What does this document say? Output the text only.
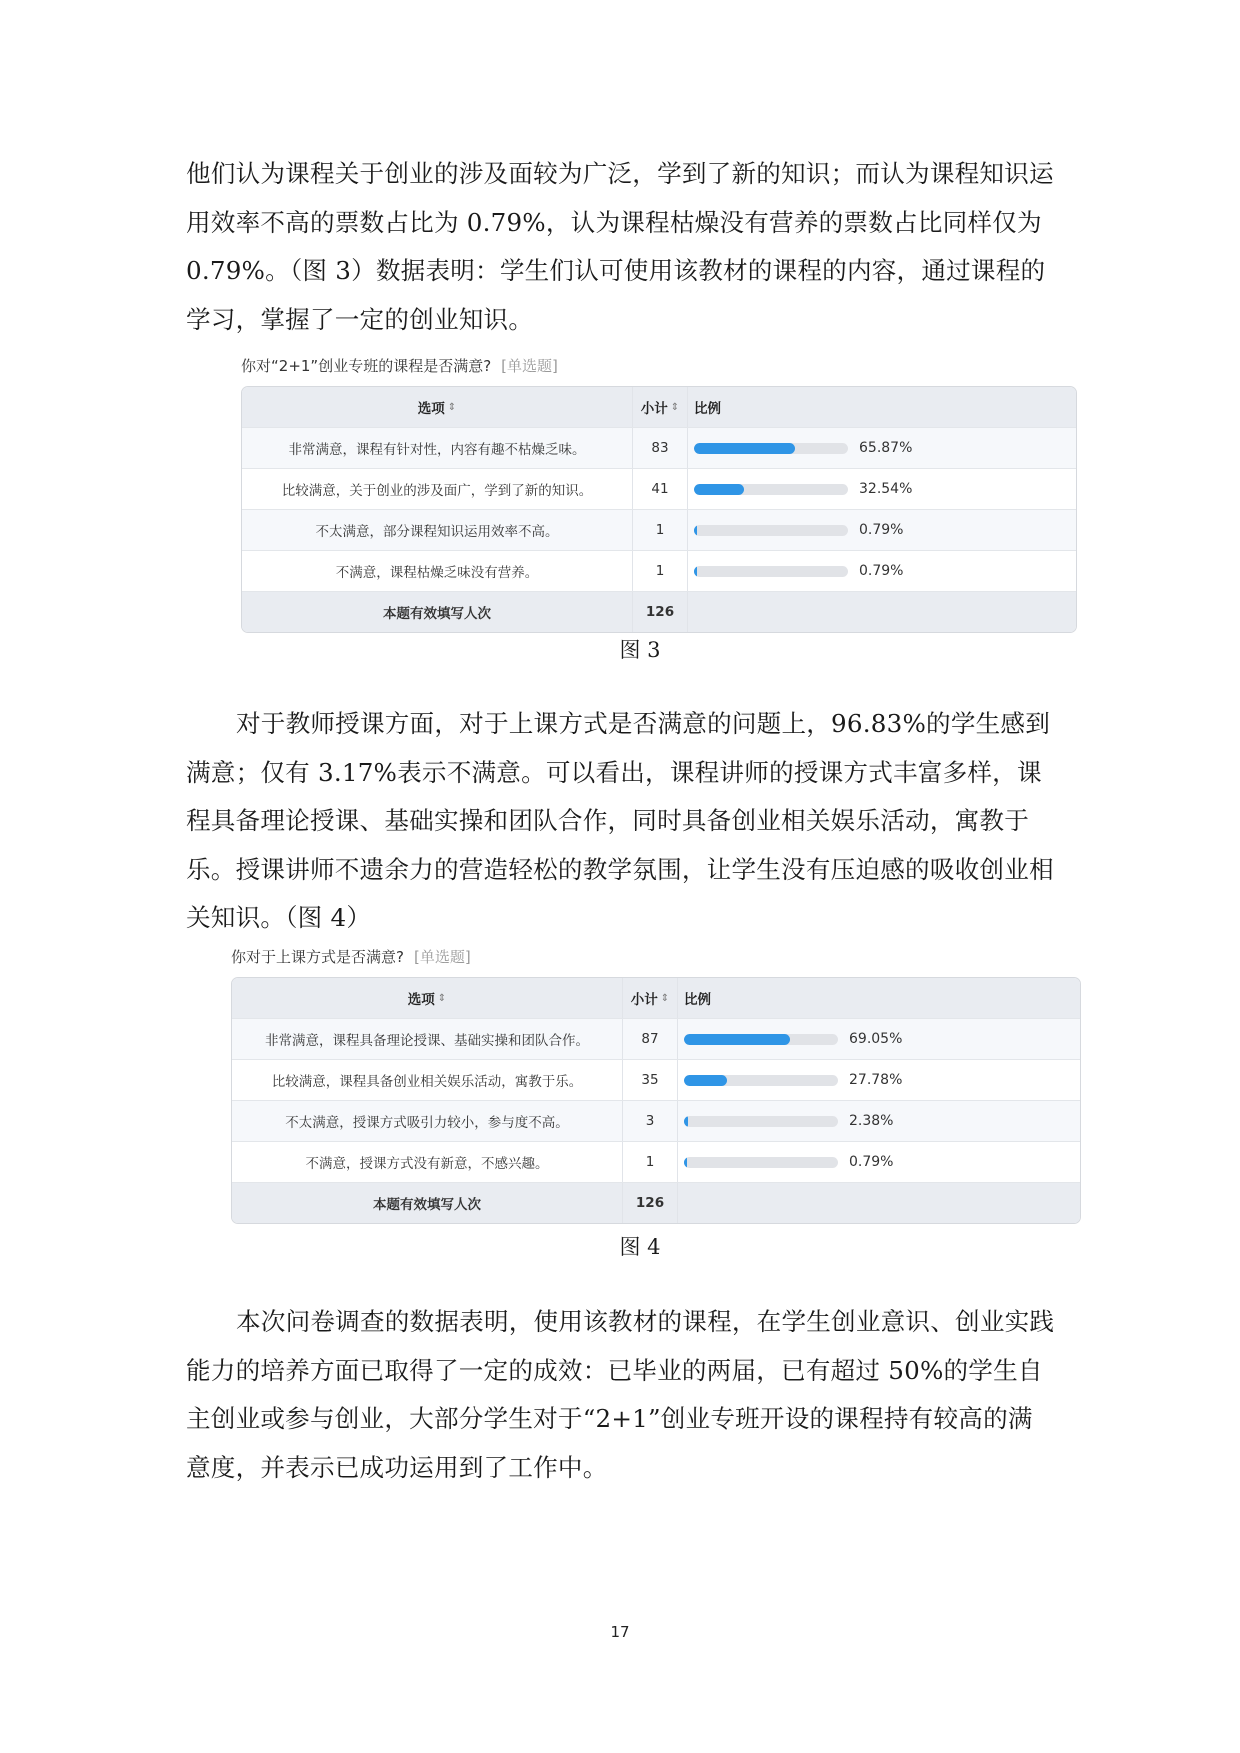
他们认为课程关于创业的涉及面较为广泛，学到了新的知识；而认为课程知识运用效率不高的票数占比为 0.79%，认为课程枯燥没有营养的票数占比同样仅为0.79%。（图 3）数据表明：学生们认可使用该教材的课程的内容，通过课程的学习，掌握了一定的创业知识。

你对“2+1”创业专班的课程是否满意? [单选题]
选项 ⇕	小计 ⇕	比例
非常满意，课程有针对性，内容有趣不枯燥乏味。	83	65.87%
比较满意，关于创业的涉及面广，学到了新的知识。	41	32.54%
不太满意，部分课程知识运用效率不高。	1	0.79%
不满意，课程枯燥乏味没有营养。	1	0.79%
本题有效填写人次	126
图 3

对于教师授课方面，对于上课方式是否满意的问题上，96.83%的学生感到满意；仅有 3.17%表示不满意。可以看出，课程讲师的授课方式丰富多样，课程具备理论授课、基础实操和团队合作，同时具备创业相关娱乐活动，寓教于乐。授课讲师不遗余力的营造轻松的教学氛围，让学生没有压迫感的吸收创业相关知识。（图 4）

你对于上课方式是否满意? [单选题]
选项 ⇕	小计 ⇕	比例
非常满意，课程具备理论授课、基础实操和团队合作。	87	69.05%
比较满意，课程具备创业相关娱乐活动，寓教于乐。	35	27.78%
不太满意，授课方式吸引力较小，参与度不高。	3	2.38%
不满意，授课方式没有新意，不感兴趣。	1	0.79%
本题有效填写人次	126
图 4

本次问卷调查的数据表明，使用该教材的课程，在学生创业意识、创业实践能力的培养方面已取得了一定的成效：已毕业的两届，已有超过 50%的学生自主创业或参与创业，大部分学生对于“2+1”创业专班开设的课程持有较高的满意度，并表示已成功运用到了工作中。

17
